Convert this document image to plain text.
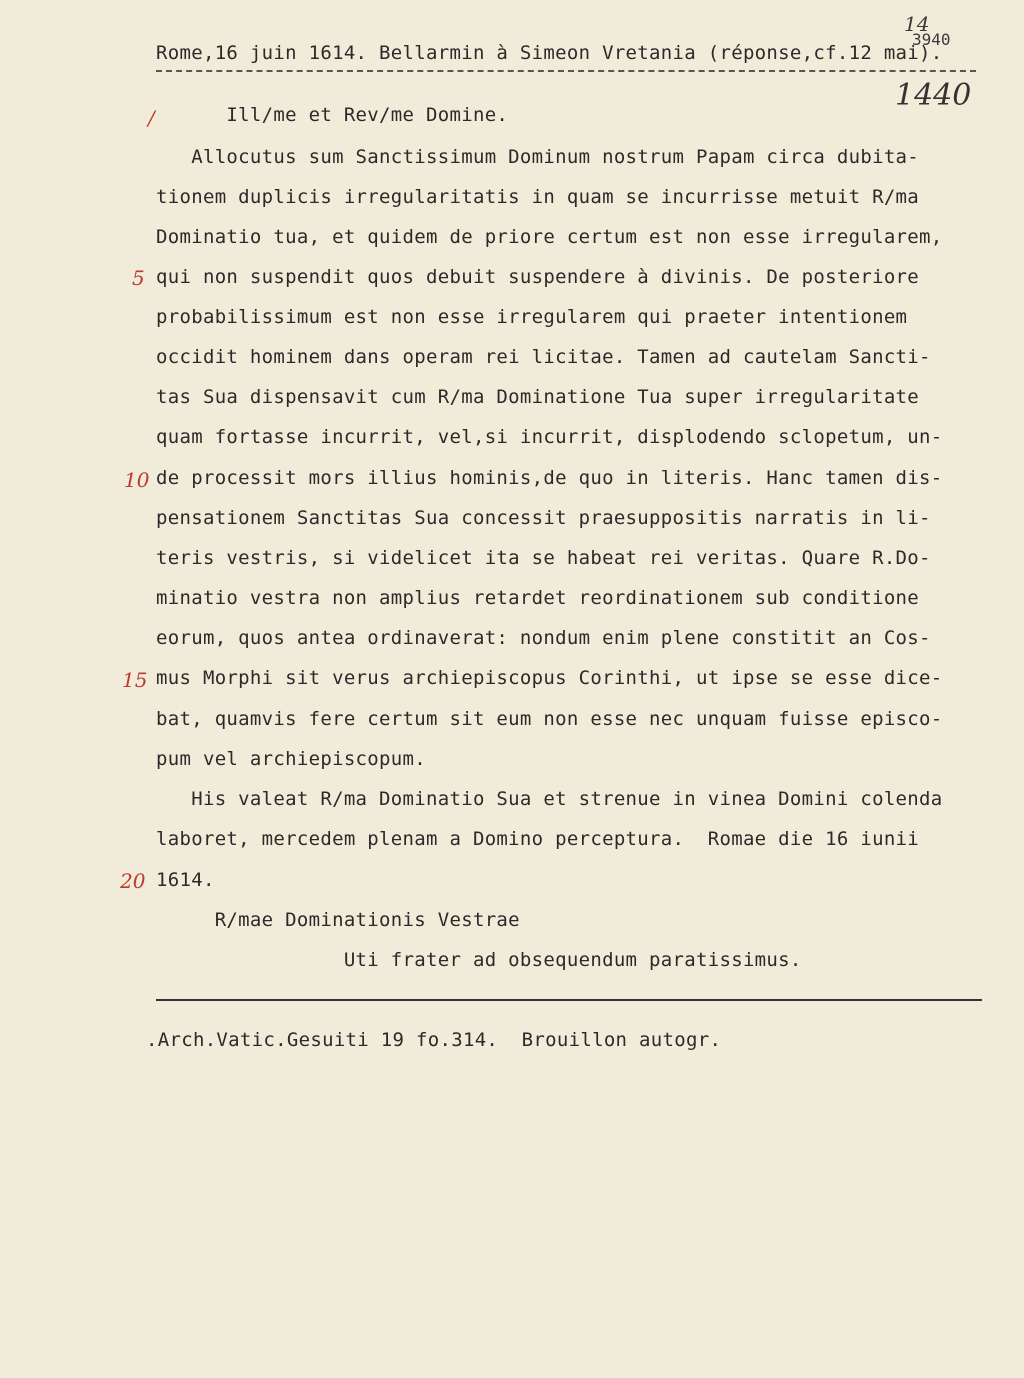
Rome,16 juin 1614. Bellarmin à Simeon Vretania (réponse,cf.12 mai).
14
3940
1440
/
5
10
15
20
Ill/me et Rev/me Domine.
Allocutus sum Sanctissimum Dominum nostrum Papam circa dubita-
tionem duplicis irregularitatis in quam se incurrisse metuit R/ma
Dominatio tua, et quidem de priore certum est non esse irregularem,
qui non suspendit quos debuit suspendere à divinis. De posteriore
probabilissimum est non esse irregularem qui praeter intentionem
occidit hominem dans operam rei licitae. Tamen ad cautelam Sancti-
tas Sua dispensavit cum R/ma Dominatione Tua super irregularitate
quam fortasse incurrit, vel,si incurrit, displodendo sclopetum, un-
de processit mors illius hominis,de quo in literis. Hanc tamen dis-
pensationem Sanctitas Sua concessit praesuppositis narratis in li-
teris vestris, si videlicet ita se habeat rei veritas. Quare R.Do-
minatio vestra non amplius retardet reordinationem sub conditione
eorum, quos antea ordinaverat: nondum enim plene constitit an Cos-
mus Morphi sit verus archiepiscopus Corinthi, ut ipse se esse dice-
bat, quamvis fere certum sit eum non esse nec unquam fuisse episco-
pum vel archiepiscopum.
His valeat R/ma Dominatio Sua et strenue in vinea Domini colenda
laboret, mercedem plenam a Domino perceptura.  Romae die 16 iunii
1614.
R/mae Dominationis Vestrae
Uti frater ad obsequendum paratissimus.
.Arch.Vatic.Gesuiti 19 fo.314.  Brouillon autogr.
